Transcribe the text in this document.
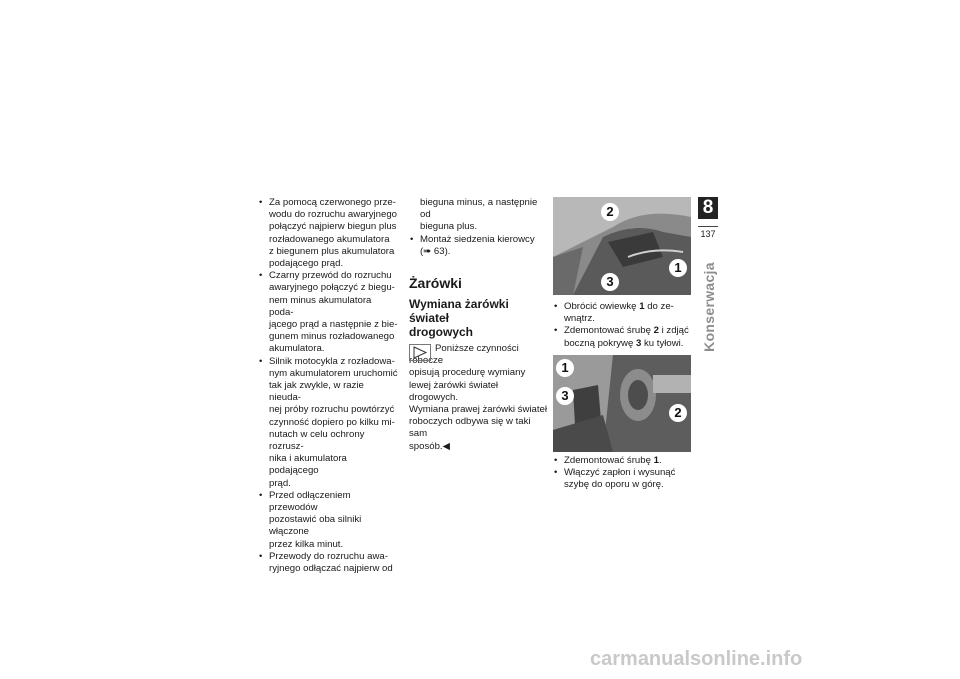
• Za pomocą czerwonego prze-
wodu do rozruchu awaryjnego
połączyć najpierw biegun plus
rozładowanego akumulatora
z biegunem plus akumulatora
podającego prąd.
• Czarny przewód do rozruchu
awaryjnego połączyć z biegu-
nem minus akumulatora poda-
jącego prąd a następnie z bie-
gunem minus rozładowanego
akumulatora.
• Silnik motocykla z rozładowa-
nym akumulatorem uruchomić
tak jak zwykle, w razie nieuda-
nej próby rozruchu powtórzyć
czynność dopiero po kilku mi-
nutach w celu ochrony rozrusz-
nika i akumulatora podającego
prąd.
• Przed odłączeniem przewodów
pozostawić oba silniki włączone
przez kilka minut.
• Przewody do rozruchu awa-
ryjnego odłączać najpierw od
bieguna minus, a następnie od
bieguna plus.
• Montaż siedzenia kierowcy
(➠ 63).
Żarówki
Wymiana żarówki świateł
drogowych
Poniższe czynności robocze
opisują procedurę wymiany
lewej żarówki świateł drogowych.
Wymiana prawej żarówki świateł
roboczych odbywa się w taki sam
sposób.◀
2
1
3
• Obrócić owiewkę 1 do ze-
wnątrz.
• Zdemontować śrubę 2 i zdjąć
boczną pokrywę 3 ku tyłowi.
1
3
2
• Zdemontować śrubę 1.
• Włączyć zapłon i wysunąć
szybę do oporu w górę.
8
137
Konserwacja
carmanualsonline.info
